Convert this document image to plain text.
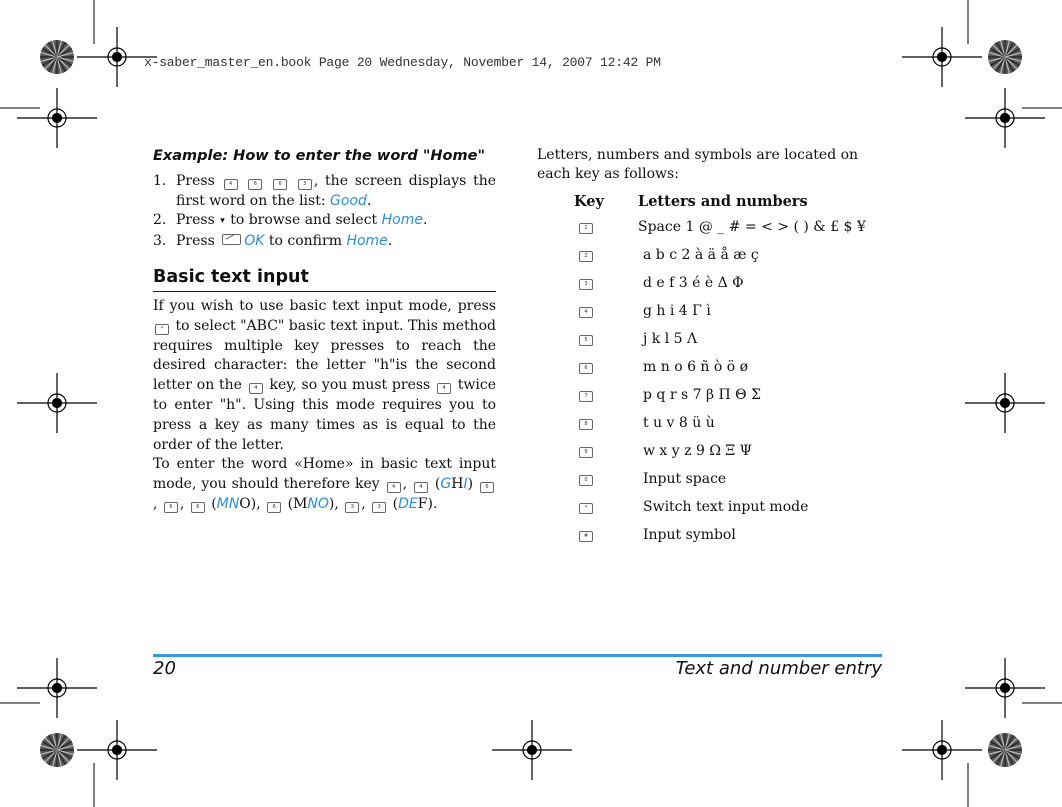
x-saber_master_en.book Page 20 Wednesday, November 14, 2007 12:42 PM
Example: How to enter the word "Home"
1. Press	4	6	6	3 , the screen displays the first word on the list: Good.
2. Press ▾ to browse and select Home.
3. Press OK to confirm Home.
Basic text input

If you wish to use basic text input mode, press * to select "ABC" basic text input. This method requires multiple key presses to reach the desired character: the letter "h"is the second letter on the 4 key, so you must press 4 twice to enter "h". Using this mode requires you to press a key as many times as is equal to the order of the letter.

To enter the word «Home» in basic text input mode, you should therefore key 4 , 4 (GHI) 6, 6 , 6 (MNO), 6 (MNO), 3 , 3 (DEF).

Letters, numbers and symbols are located on each key as follows:

Key Letters and numbers
1	Space 1 @ _ # = < > ( ) & £ $ ¥
2	a b c 2 à ä å æ ç
3	d e f 3 é è Δ Φ
4	g h i 4 Γ ì
5	j k l 5 Λ
6	m n o 6 ñ ò ö ø
7	p q r s 7 β Π Θ Σ
8	t u v 8 ü ù
9	w x y z 9 Ω Ξ Ψ
0	Input space
*	Switch text input mode
#	Input symbol
20	Text and number entry
